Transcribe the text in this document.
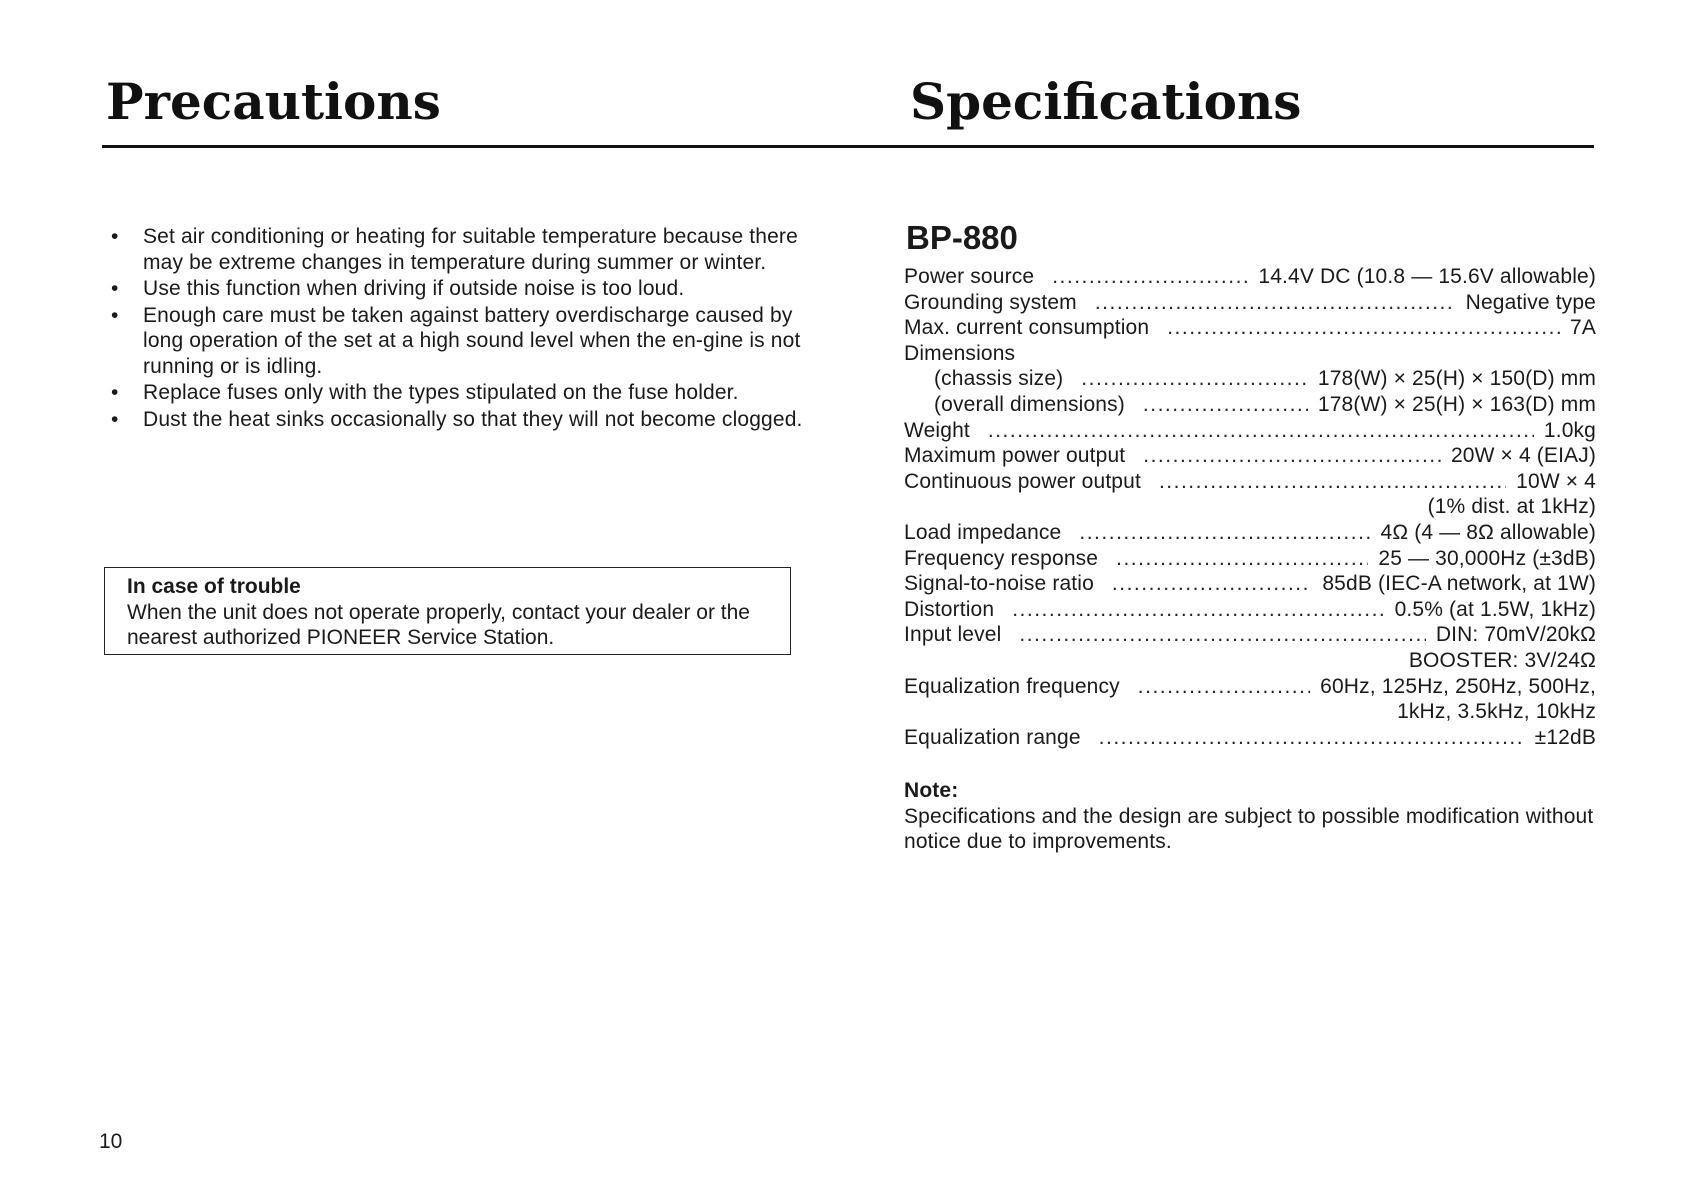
Precautions	Specifications
• Set air conditioning or heating for suitable temperature because there may be extreme changes in temperature during summer or winter.
• Use this function when driving if outside noise is too loud.
• Enough care must be taken against battery overdischarge caused by long operation of the set at a high sound level when the en-gine is not running or is idling.
• Replace fuses only with the types stipulated on the fuse holder.
• Dust the heat sinks occasionally so that they will not become clogged.
In case of trouble
When the unit does not operate properly, contact your dealer or the nearest authorized PIONEER Service Station.
BP-880
Power source .....	14.4V DC (10.8 — 15.6V allowable)
Grounding system .....	Negative type
Max. current consumption .....	7A
Dimensions
(chassis size) .....	178(W) × 25(H) × 150(D) mm
(overall dimensions) .....	178(W) × 25(H) × 163(D) mm
Weight .....	1.0kg
Maximum power output .....	20W × 4 (EIAJ)
Continuous power output .....	10W × 4
(1% dist. at 1kHz)
Load impedance .....	4Ω (4 — 8Ω allowable)
Frequency response .....	25 — 30,000Hz (±3dB)
Signal-to-noise ratio .....	85dB (IEC-A network, at 1W)
Distortion .....	0.5% (at 1.5W, 1kHz)
Input level .....	DIN: 70mV/20kΩ
BOOSTER: 3V/24Ω
Equalization frequency .....	60Hz, 125Hz, 250Hz, 500Hz,
1kHz, 3.5kHz, 10kHz
Equalization range .....	±12dB
Note:
Specifications and the design are subject to possible modification without notice due to improvements.
10
